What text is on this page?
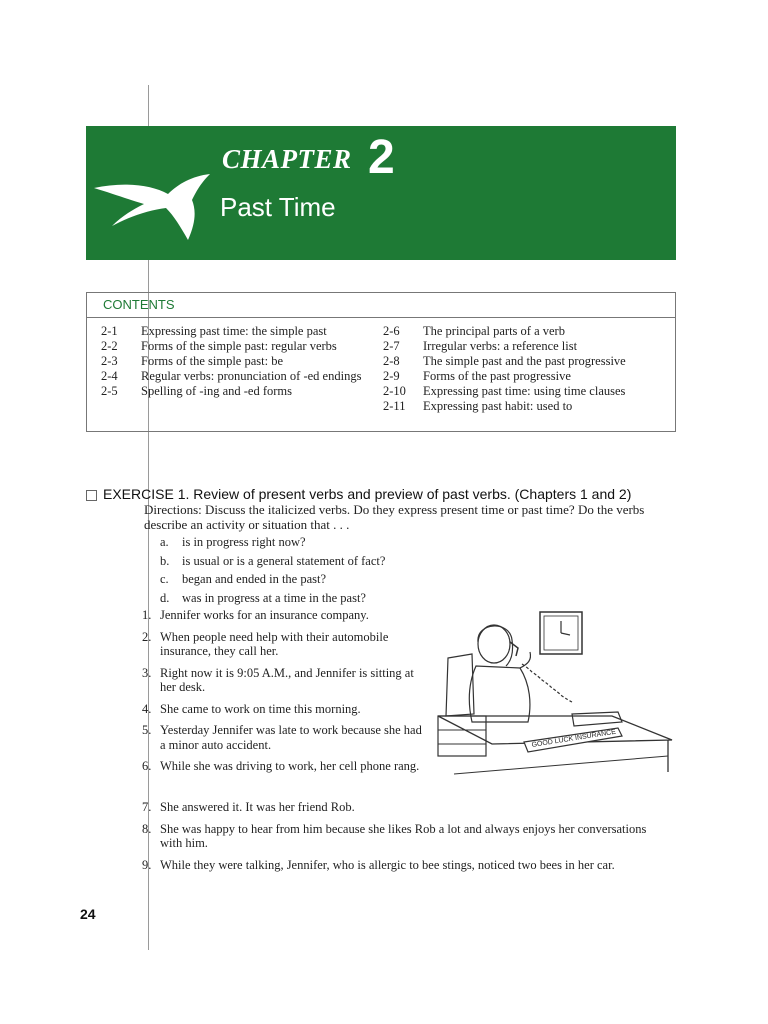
CHAPTER 2
Past Time
CONTENTS
2-1	Expressing past time: the simple past
2-2	Forms of the simple past: regular verbs
2-3	Forms of the simple past: be
2-4	Regular verbs: pronunciation of -ed endings
2-5	Spelling of -ing and -ed forms
2-6	The principal parts of a verb
2-7	Irregular verbs: a reference list
2-8	The simple past and the past progressive
2-9	Forms of the past progressive
2-10	Expressing past time: using time clauses
2-11	Expressing past habit: used to
EXERCISE 1. Review of present verbs and preview of past verbs. (Chapters 1 and 2)
Directions: Discuss the italicized verbs. Do they express present time or past time? Do the verbs describe an activity or situation that . . .
a. is in progress right now?
b. is usual or is a general statement of fact?
c. began and ended in the past?
d. was in progress at a time in the past?
1. Jennifer works for an insurance company.
2. When people need help with their automobile insurance, they call her.
3. Right now it is 9:05 A.M., and Jennifer is sitting at her desk.
4. She came to work on time this morning.
5. Yesterday Jennifer was late to work because she had a minor auto accident.
6. While she was driving to work, her cell phone rang.
7. She answered it. It was her friend Rob.
8. She was happy to hear from him because she likes Rob a lot and always enjoys her conversations with him.
9. While they were talking, Jennifer, who is allergic to bee stings, noticed two bees in her car.
GOOD LUCK INSURANCE
24
